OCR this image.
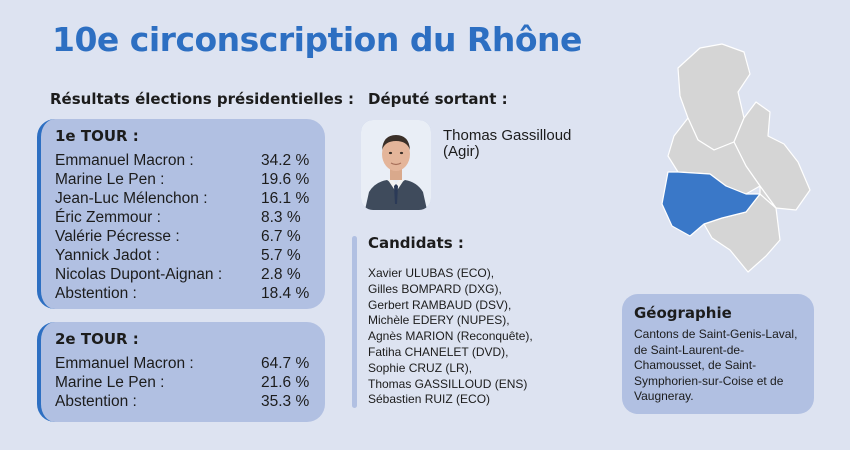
10e circonscription du Rhône
Résultats élections présidentielles :
1e TOUR :
Emmanuel Macron :	34.2 %
Marine Le Pen :	19.6 %
Jean-Luc Mélenchon :	16.1 %
Éric Zemmour :	8.3 %
Valérie Pécresse :	6.7 %
Yannick Jadot :	5.7 %
Nicolas Dupont-Aignan :	2.8 %
Abstention :	18.4 %
2e TOUR :
Emmanuel Macron :	64.7 %
Marine Le Pen :	21.6 %
Abstention :	35.3 %
Député sortant :
Thomas Gassilloud
(Agir)
Candidats :
Xavier ULUBAS (ECO),
Gilles BOMPARD (DXG),
Gerbert RAMBAUD (DSV),
Michèle EDERY (NUPES),
Agnès MARION (Reconquête),
Fatiha CHANELET (DVD),
Sophie CRUZ (LR),
Thomas GASSILLOUD (ENS)
Sébastien RUIZ (ECO)
Géographie
Cantons de Saint-Genis-Laval, de Saint-Laurent-de-Chamousset, de Saint-Symphorien-sur-Coise et de Vaugneray.
